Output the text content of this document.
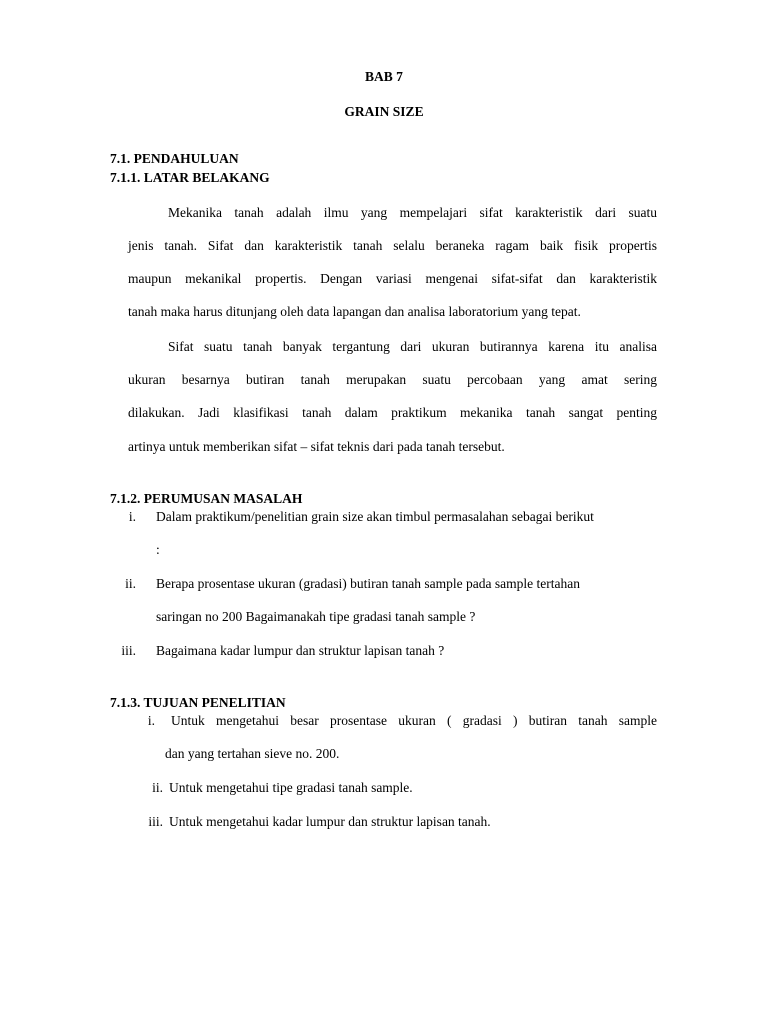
BAB 7
GRAIN SIZE
7.1. PENDAHULUAN
7.1.1. LATAR BELAKANG
Mekanika tanah adalah ilmu yang mempelajari sifat karakteristik dari suatu
jenis tanah. Sifat dan karakteristik tanah selalu beraneka ragam baik fisik propertis
maupun mekanikal propertis. Dengan variasi mengenai sifat-sifat dan karakteristik
tanah maka harus ditunjang oleh data lapangan dan analisa laboratorium yang tepat.
Sifat suatu tanah banyak tergantung dari ukuran butirannya karena itu analisa
ukuran besarnya butiran tanah merupakan suatu percobaan yang amat sering
dilakukan. Jadi klasifikasi tanah dalam praktikum mekanika tanah sangat penting
artinya untuk memberikan sifat – sifat teknis dari pada tanah tersebut.
7.1.2. PERUMUSAN MASALAH
i. Dalam praktikum/penelitian grain size akan timbul permasalahan sebagai berikut
:
ii. Berapa prosentase ukuran (gradasi) butiran tanah sample pada sample tertahan
saringan no 200 Bagaimanakah tipe gradasi tanah sample ?
iii. Bagaimana kadar lumpur dan struktur lapisan tanah ?
7.1.3. TUJUAN PENELITIAN
i. Untuk mengetahui besar prosentase ukuran ( gradasi ) butiran tanah sample
dan yang tertahan sieve no. 200.
ii. Untuk mengetahui tipe gradasi tanah sample.
iii. Untuk mengetahui kadar lumpur dan struktur lapisan tanah.
